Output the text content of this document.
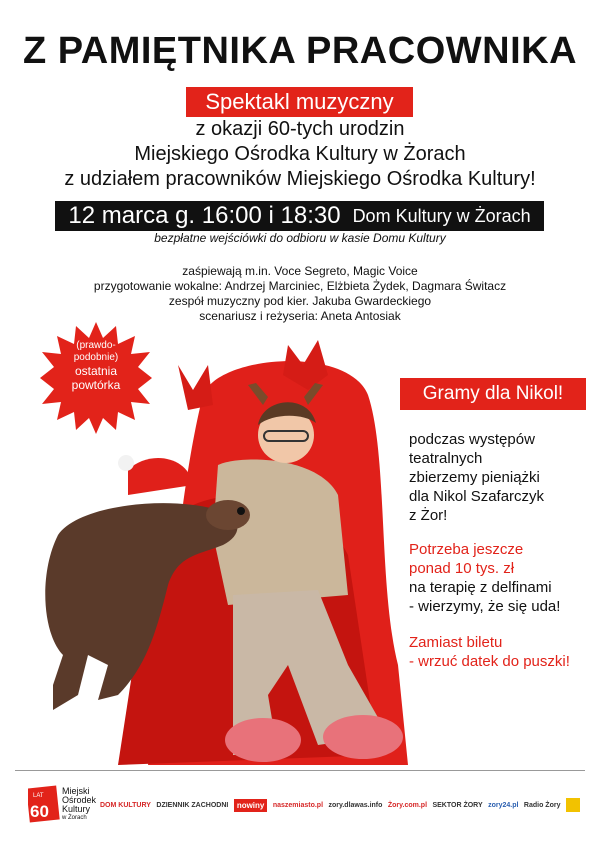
Z PAMIĘTNIKA PRACOWNIKA
Spektakl muzyczny
z okazji 60-tych urodzin
Miejskiego Ośrodka Kultury w Żorach
z udziałem pracowników Miejskiego Ośrodka Kultury!
12 marca g. 16:00 i 18:30 Dom Kultury w Żorach
bezpłatne wejściówki do odbioru w kasie Domu Kultury
zaśpiewają m.in. Voce Segreto, Magic Voice
przygotowanie wokalne: Andrzej Marciniec, Elżbieta Żydek, Dagmara Świtacz
zespół muzyczny pod kier. Jakuba Gwardeckiego
scenariusz i reżyseria: Aneta Antosiak
(prawdo-
podobnie)
ostatnia
powtórka	Gramy dla Nikol!
podczas występów
teatralnych
zbierzemy pieniążki
dla Nikol Szafarczyk
z Żor!
Potrzeba jeszcze
ponad 10 tys. zł
na terapię z delfinami
- wierzymy, że się uda!
Zamiast biletu
- wrzuć datek do puszki!
LAT
60
Miejski
Ośrodek
Kultury
w Żorach
DOM KULTURY DZIENNIK ZACHODNI	nowiny	naszemiasto.pl zory.dlawas.info Żory.com.pl SEKTOR ŻORY zory24.pl Radio Żory
